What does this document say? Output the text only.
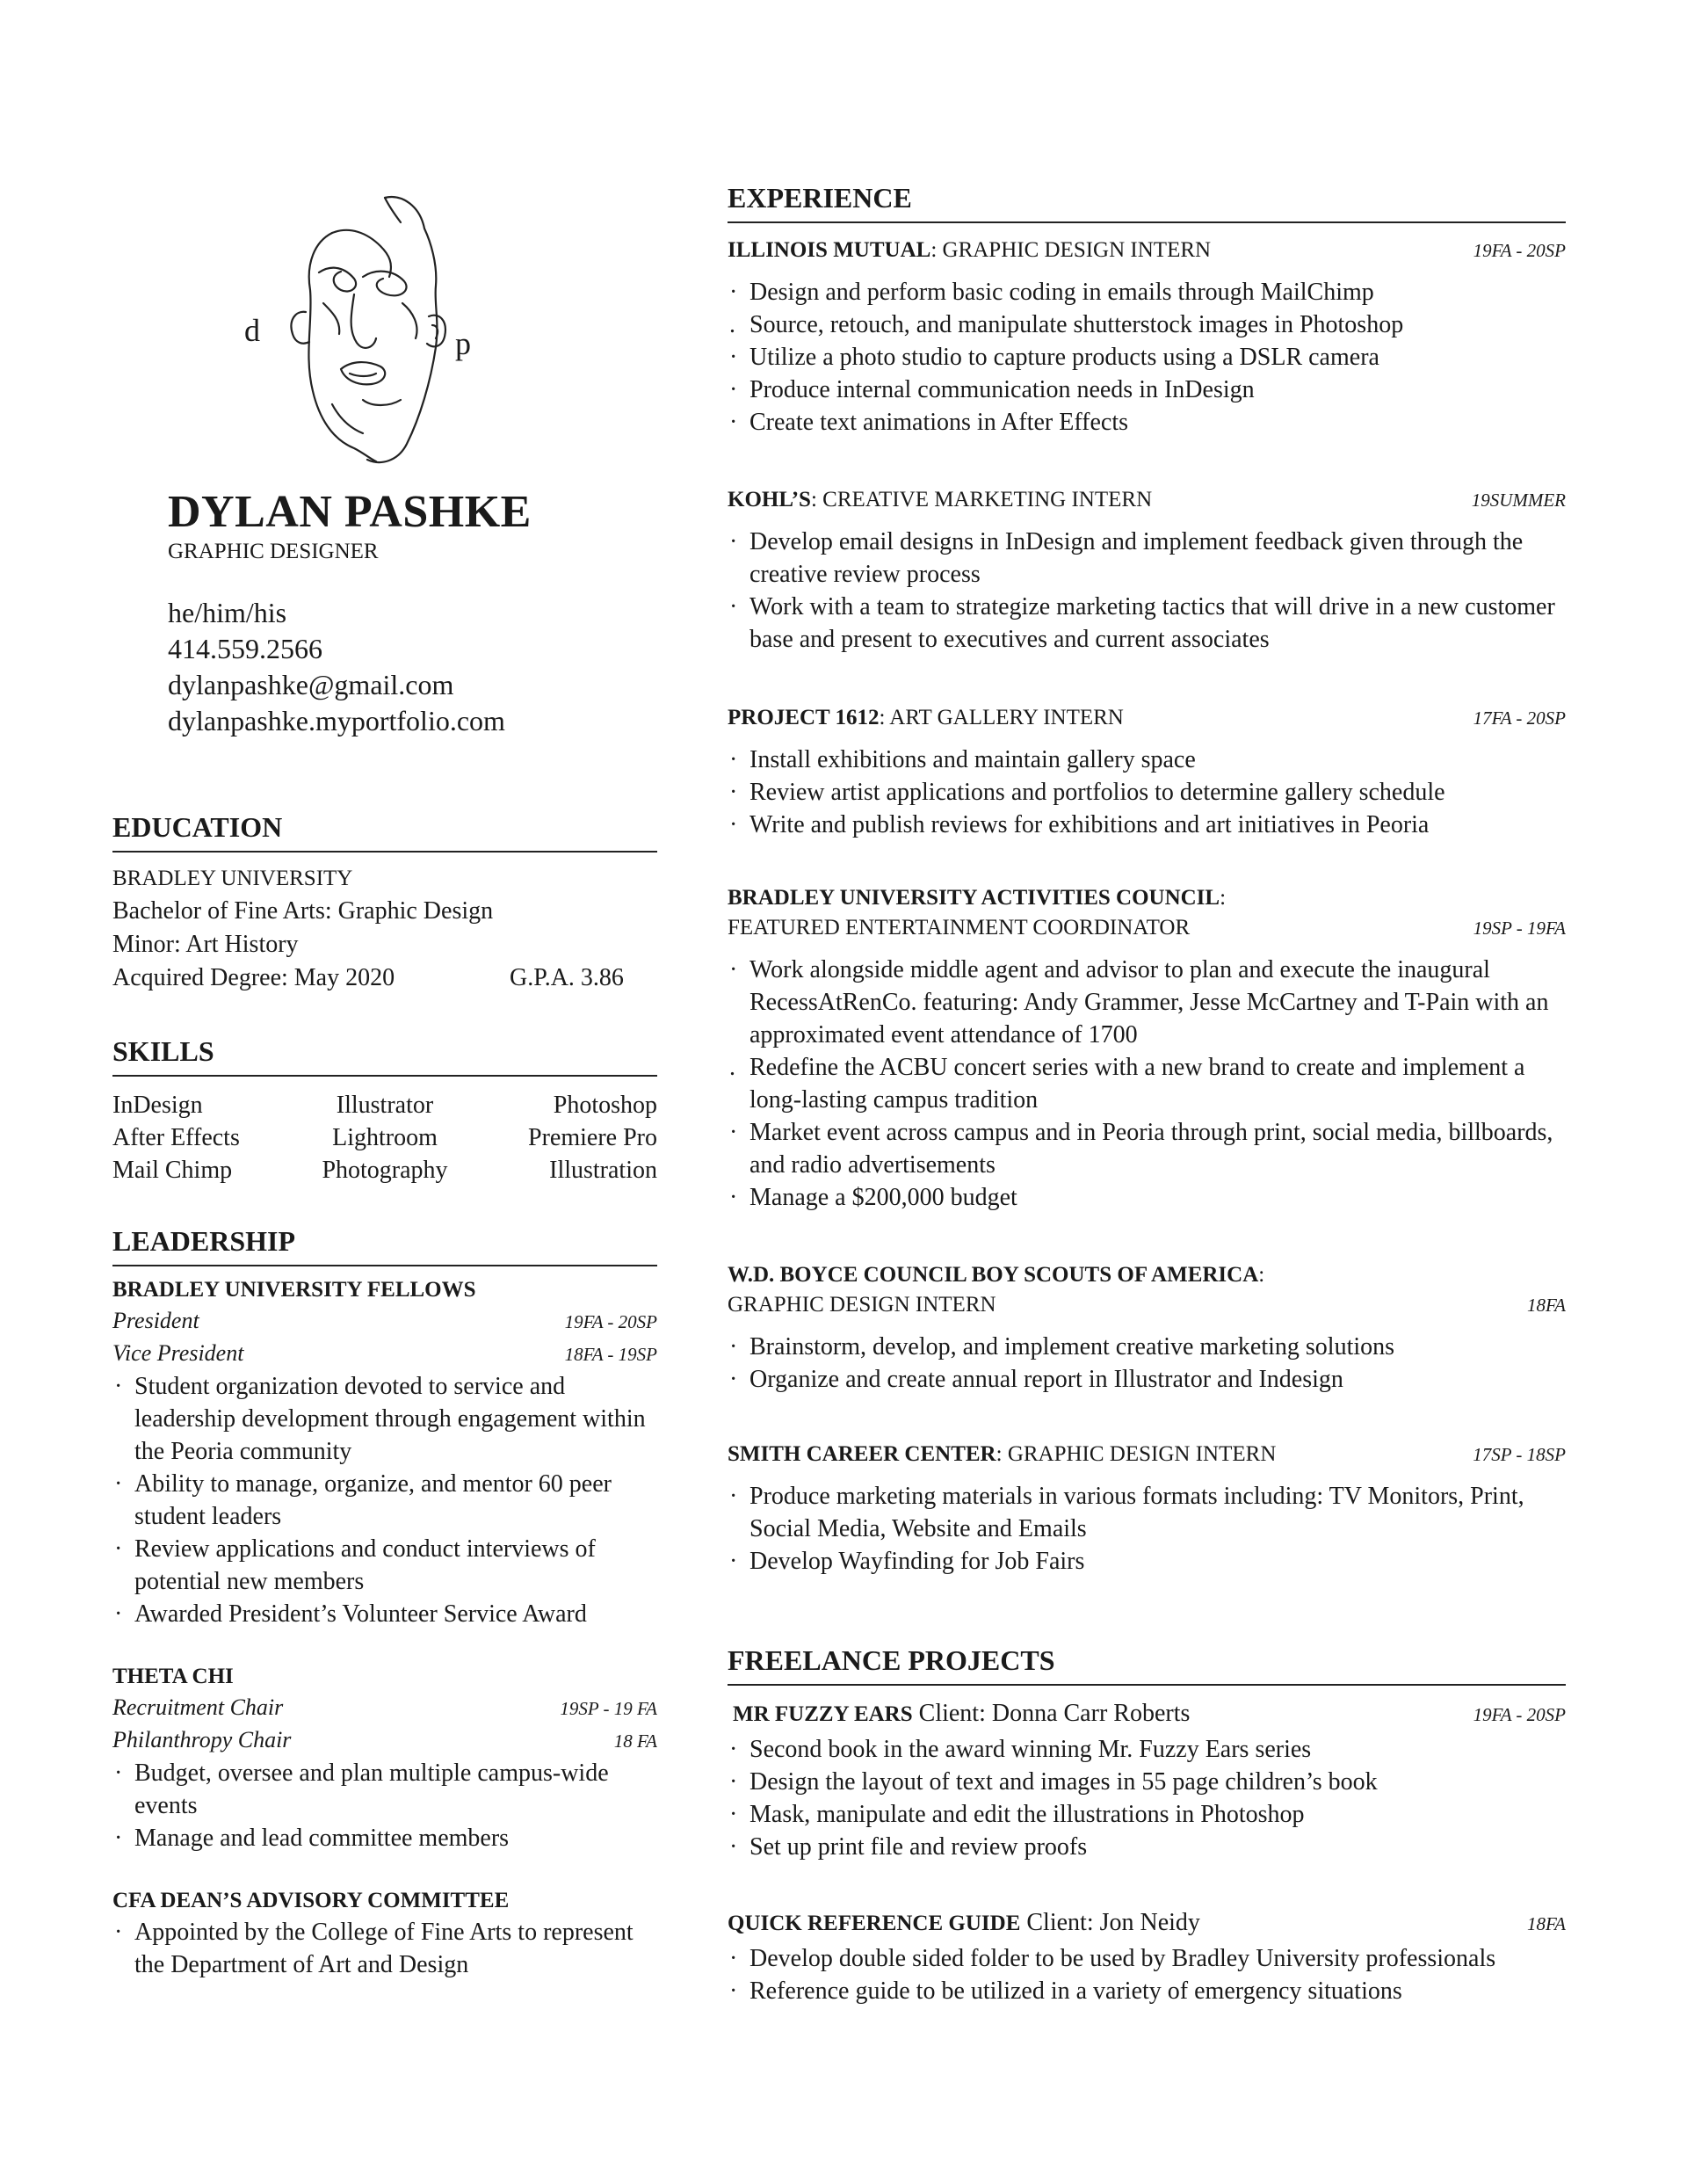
d	p
DYLAN PASHKE
GRAPHIC DESIGNER
he/him/his
414.559.2566
dylanpashke@gmail.com
dylanpashke.myportfolio.com
EDUCATION
BRADLEY UNIVERSITY
Bachelor of Fine Arts: Graphic Design
Minor: Art History
Acquired Degree: May 2020	G.P.A. 3.86
SKILLS
InDesign	Illustrator	Photoshop
After Effects	Lightroom	Premiere Pro
Mail Chimp	Photography	Illustration
LEADERSHIP
BRADLEY UNIVERSITY FELLOWS
President	19FA - 20SP
Vice President	18FA - 19SP
· Student organization devoted to service and leadership development through engagement within the Peoria community
· Ability to manage, organize, and mentor 60 peer student leaders
· Review applications and conduct interviews of potential new members
· Awarded President’s Volunteer Service Award
THETA CHI
Recruitment Chair	19SP - 19 FA
Philanthropy Chair	18 FA
· Budget, oversee and plan multiple campus-wide events
· Manage and lead committee members
CFA DEAN’S ADVISORY COMMITTEE
· Appointed by the College of Fine Arts to represent the Department of Art and Design
EXPERIENCE
ILLINOIS MUTUAL: GRAPHIC DESIGN INTERN	19FA - 20SP
· Design and perform basic coding in emails through MailChimp
. Source, retouch, and manipulate shutterstock images in Photoshop
· Utilize a photo studio to capture products using a DSLR camera
· Produce internal communication needs in InDesign
· Create text animations in After Effects
KOHL’S: CREATIVE MARKETING INTERN	19SUMMER
· Develop email designs in InDesign and implement feedback given through the creative review process
· Work with a team to strategize marketing tactics that will drive in a new customer base and present to executives and current associates
PROJECT 1612: ART GALLERY INTERN	17FA - 20SP
· Install exhibitions and maintain gallery space
· Review artist applications and portfolios to determine gallery schedule
· Write and publish reviews for exhibitions and art initiatives in Peoria
BRADLEY UNIVERSITY ACTIVITIES COUNCIL:
FEATURED ENTERTAINMENT COORDINATOR	19SP - 19FA
· Work alongside middle agent and advisor to plan and execute the inaugural RecessAtRenCo. featuring: Andy Grammer, Jesse McCartney and T-Pain with an approximated event attendance of 1700
. Redefine the ACBU concert series with a new brand to create and implement a long-lasting campus tradition
· Market event across campus and in Peoria through print, social media, billboards, and radio advertisements
· Manage a $200,000 budget
W.D. BOYCE COUNCIL BOY SCOUTS OF AMERICA:
GRAPHIC DESIGN INTERN	18FA
· Brainstorm, develop, and implement creative marketing solutions
· Organize and create annual report in Illustrator and Indesign
SMITH CAREER CENTER: GRAPHIC DESIGN INTERN	17SP - 18SP
· Produce marketing materials in various formats including: TV Monitors, Print, Social Media, Website and Emails
· Develop Wayfinding for Job Fairs
FREELANCE PROJECTS
MR FUZZY EARS Client: Donna Carr Roberts	19FA - 20SP
· Second book in the award winning Mr. Fuzzy Ears series
· Design the layout of text and images in 55 page children’s book
· Mask, manipulate and edit the illustrations in Photoshop
· Set up print file and review proofs
QUICK REFERENCE GUIDE Client: Jon Neidy	18FA
· Develop double sided folder to be used by Bradley University professionals
· Reference guide to be utilized in a variety of emergency situations
